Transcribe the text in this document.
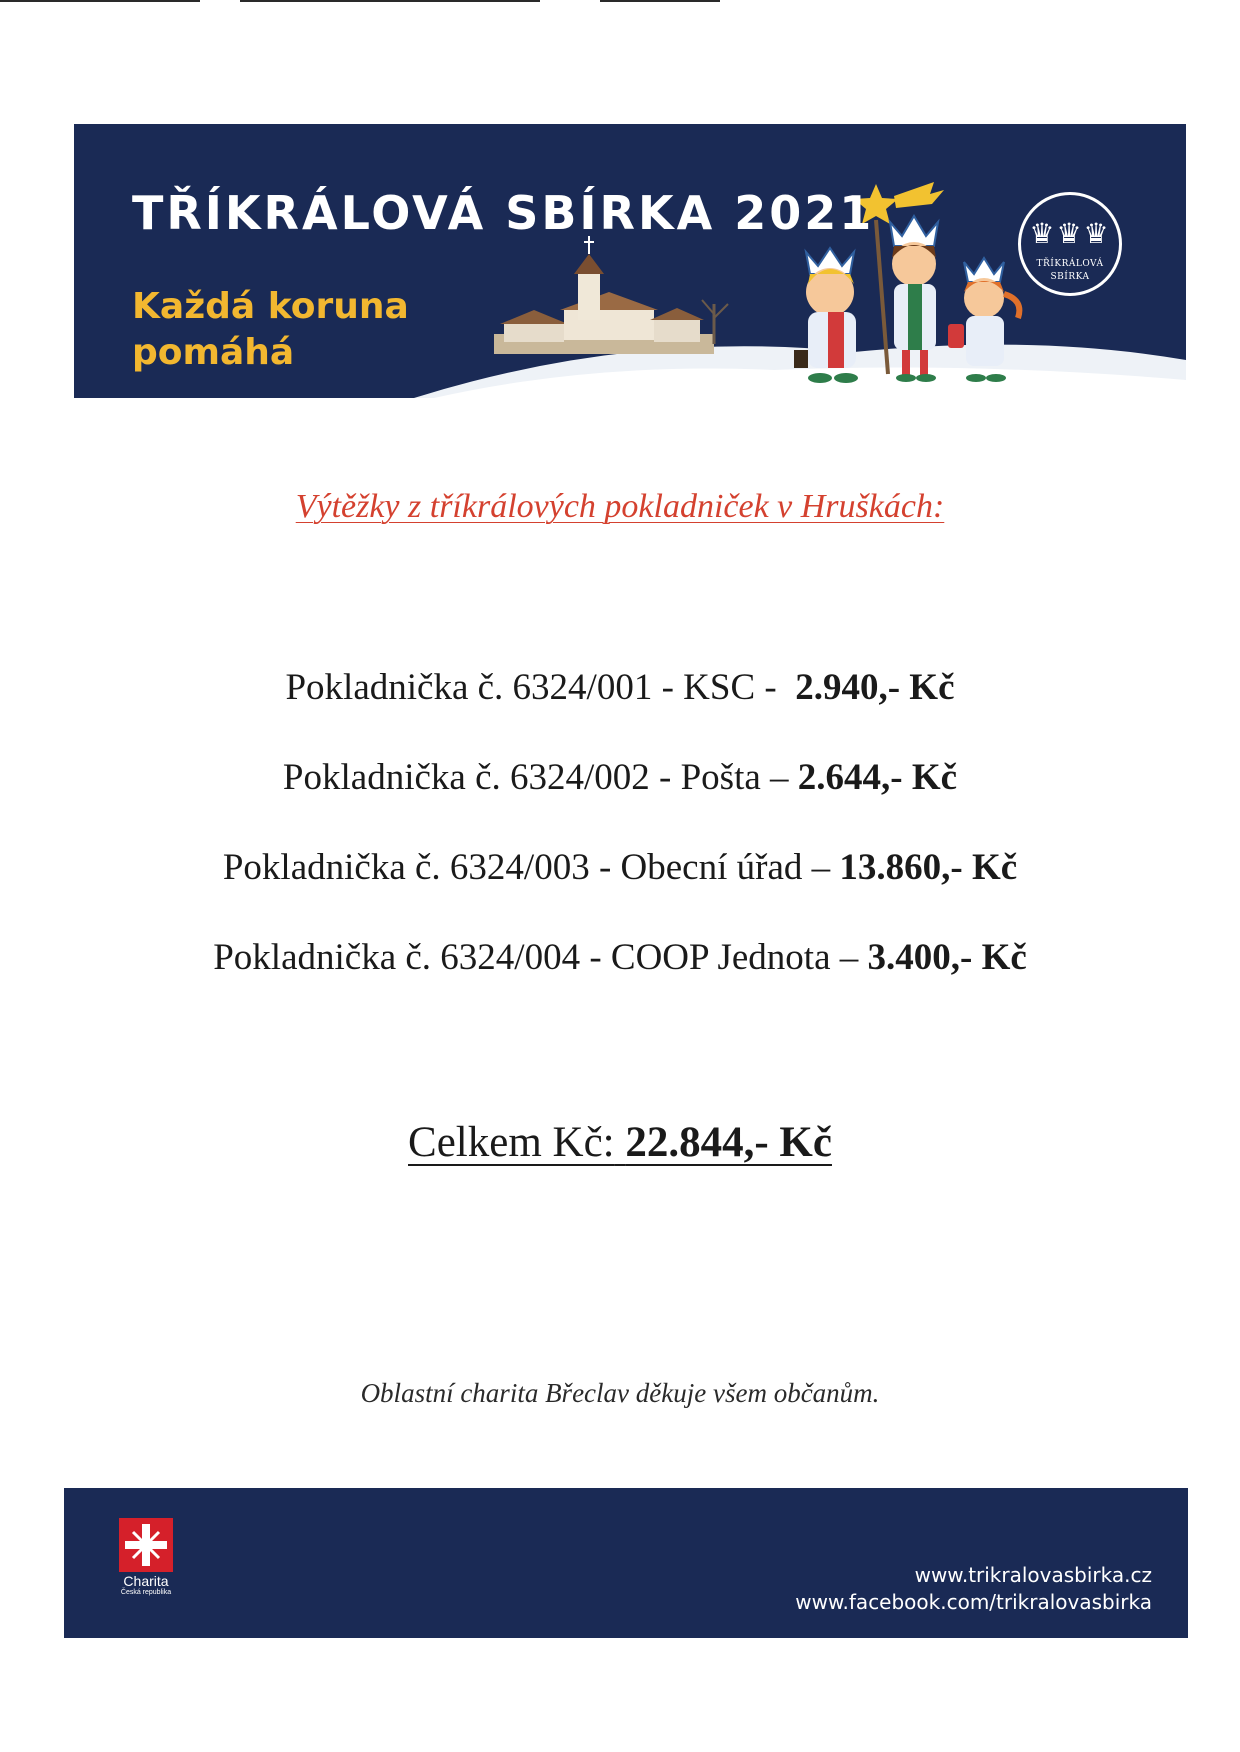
TŘÍKRÁLOVÁ SBÍRKA 2021
Každá koruna
pomáhá
♛♛♛
TŘÍKRÁLOVÁ
SBÍRKA
Výtěžky z tříkrálových pokladniček v Hruškách:
Pokladnička č. 6324/001 - KSC - 2.940,- Kč
Pokladnička č. 6324/002 - Pošta – 2.644,- Kč
Pokladnička č. 6324/003 - Obecní úřad – 13.860,- Kč
Pokladnička č. 6324/004 - COOP Jednota – 3.400,- Kč
Celkem Kč: 22.844,- Kč
Oblastní charita Břeclav děkuje všem občanům.
Charita
Česká republika
www.trikralovasbirka.cz
www.facebook.com/trikralovasbirka
